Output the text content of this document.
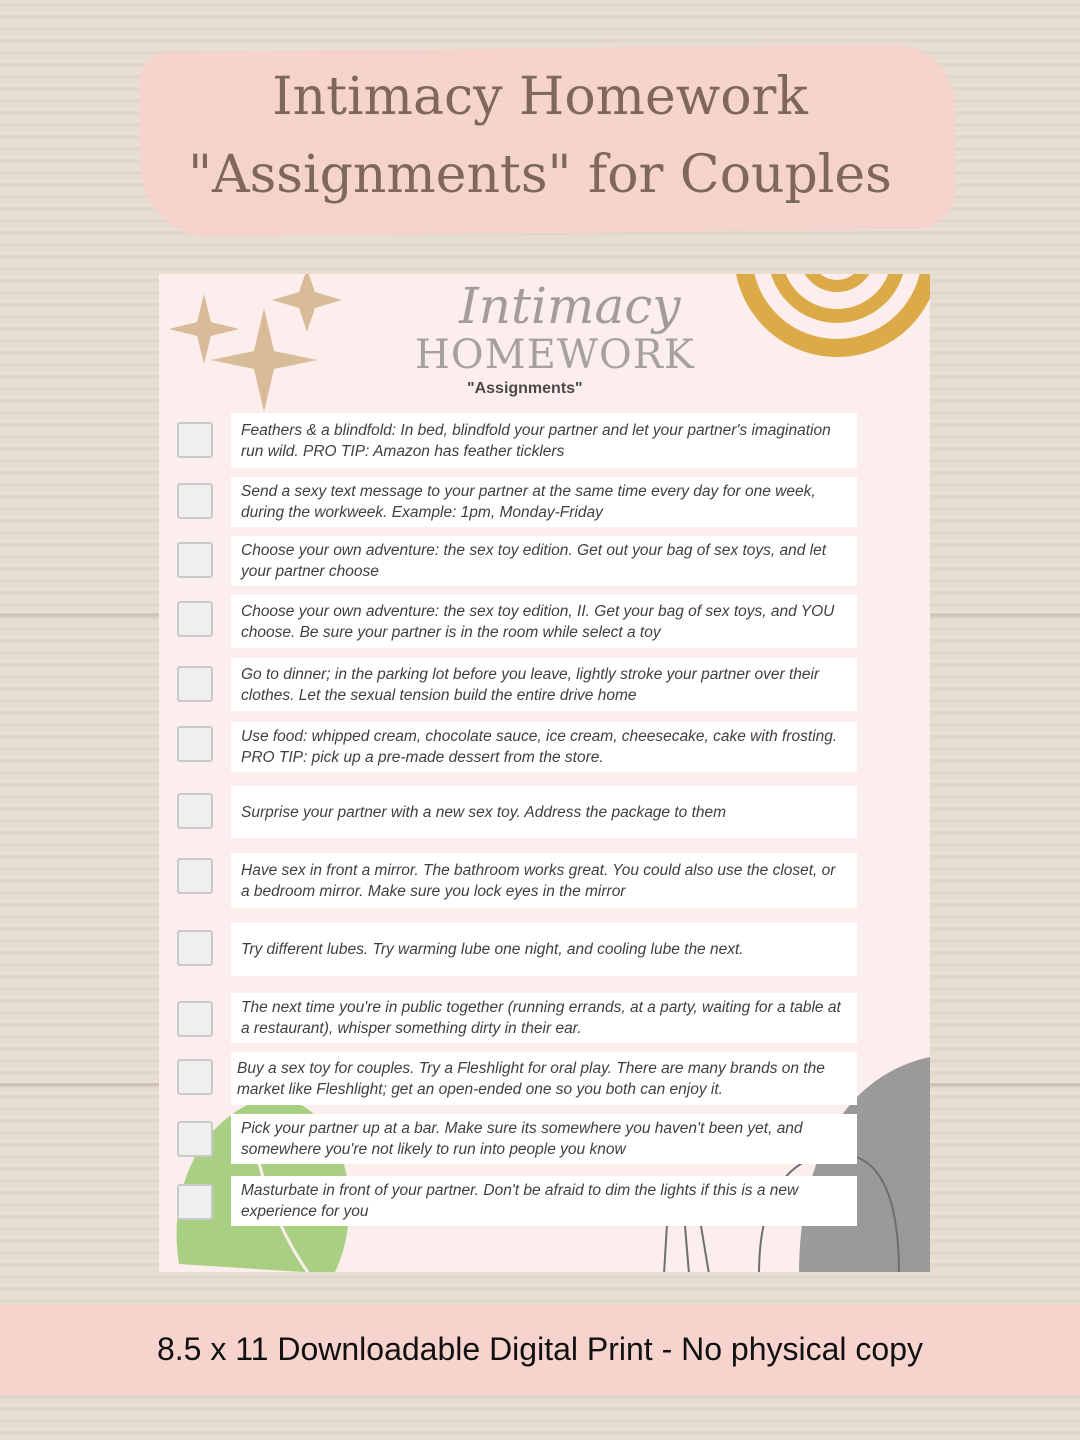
Intimacy Homework
"Assignments" for Couples
Intimacy
HOMEWORK
"Assignments"
Feathers & a blindfold: In bed, blindfold your partner and let your partner's imagination run wild. PRO TIP: Amazon has feather ticklers
Send a sexy text message to your partner at the same time every day for one week, during the workweek. Example: 1pm, Monday-Friday
Choose your own adventure: the sex toy edition. Get out your bag of sex toys, and let your partner choose
Choose your own adventure: the sex toy edition, II. Get your bag of sex toys, and YOU choose. Be sure your partner is in the room while select a toy
Go to dinner; in the parking lot before you leave, lightly stroke your partner over their clothes. Let the sexual tension build the entire drive home
Use food: whipped cream, chocolate sauce, ice cream, cheesecake, cake with frosting. PRO TIP: pick up a pre-made dessert from the store.
Surprise your partner with a new sex toy. Address the package to them
Have sex in front a mirror. The bathroom works great. You could also use the closet, or a bedroom mirror. Make sure you lock eyes in the mirror
Try different lubes. Try warming lube one night, and cooling lube the next.
The next time you're in public together (running errands, at a party, waiting for a table at a restaurant), whisper something dirty in their ear.
Buy a sex toy for couples. Try a Fleshlight for oral play. There are many brands on the market like Fleshlight; get an open-ended one so you both can enjoy it.
Pick your partner up at a bar. Make sure its somewhere you haven't been yet, and somewhere you're not likely to run into people you know
Masturbate in front of your partner. Don't be afraid to dim the lights if this is a new experience for you
8.5 x 11 Downloadable Digital Print - No physical copy
